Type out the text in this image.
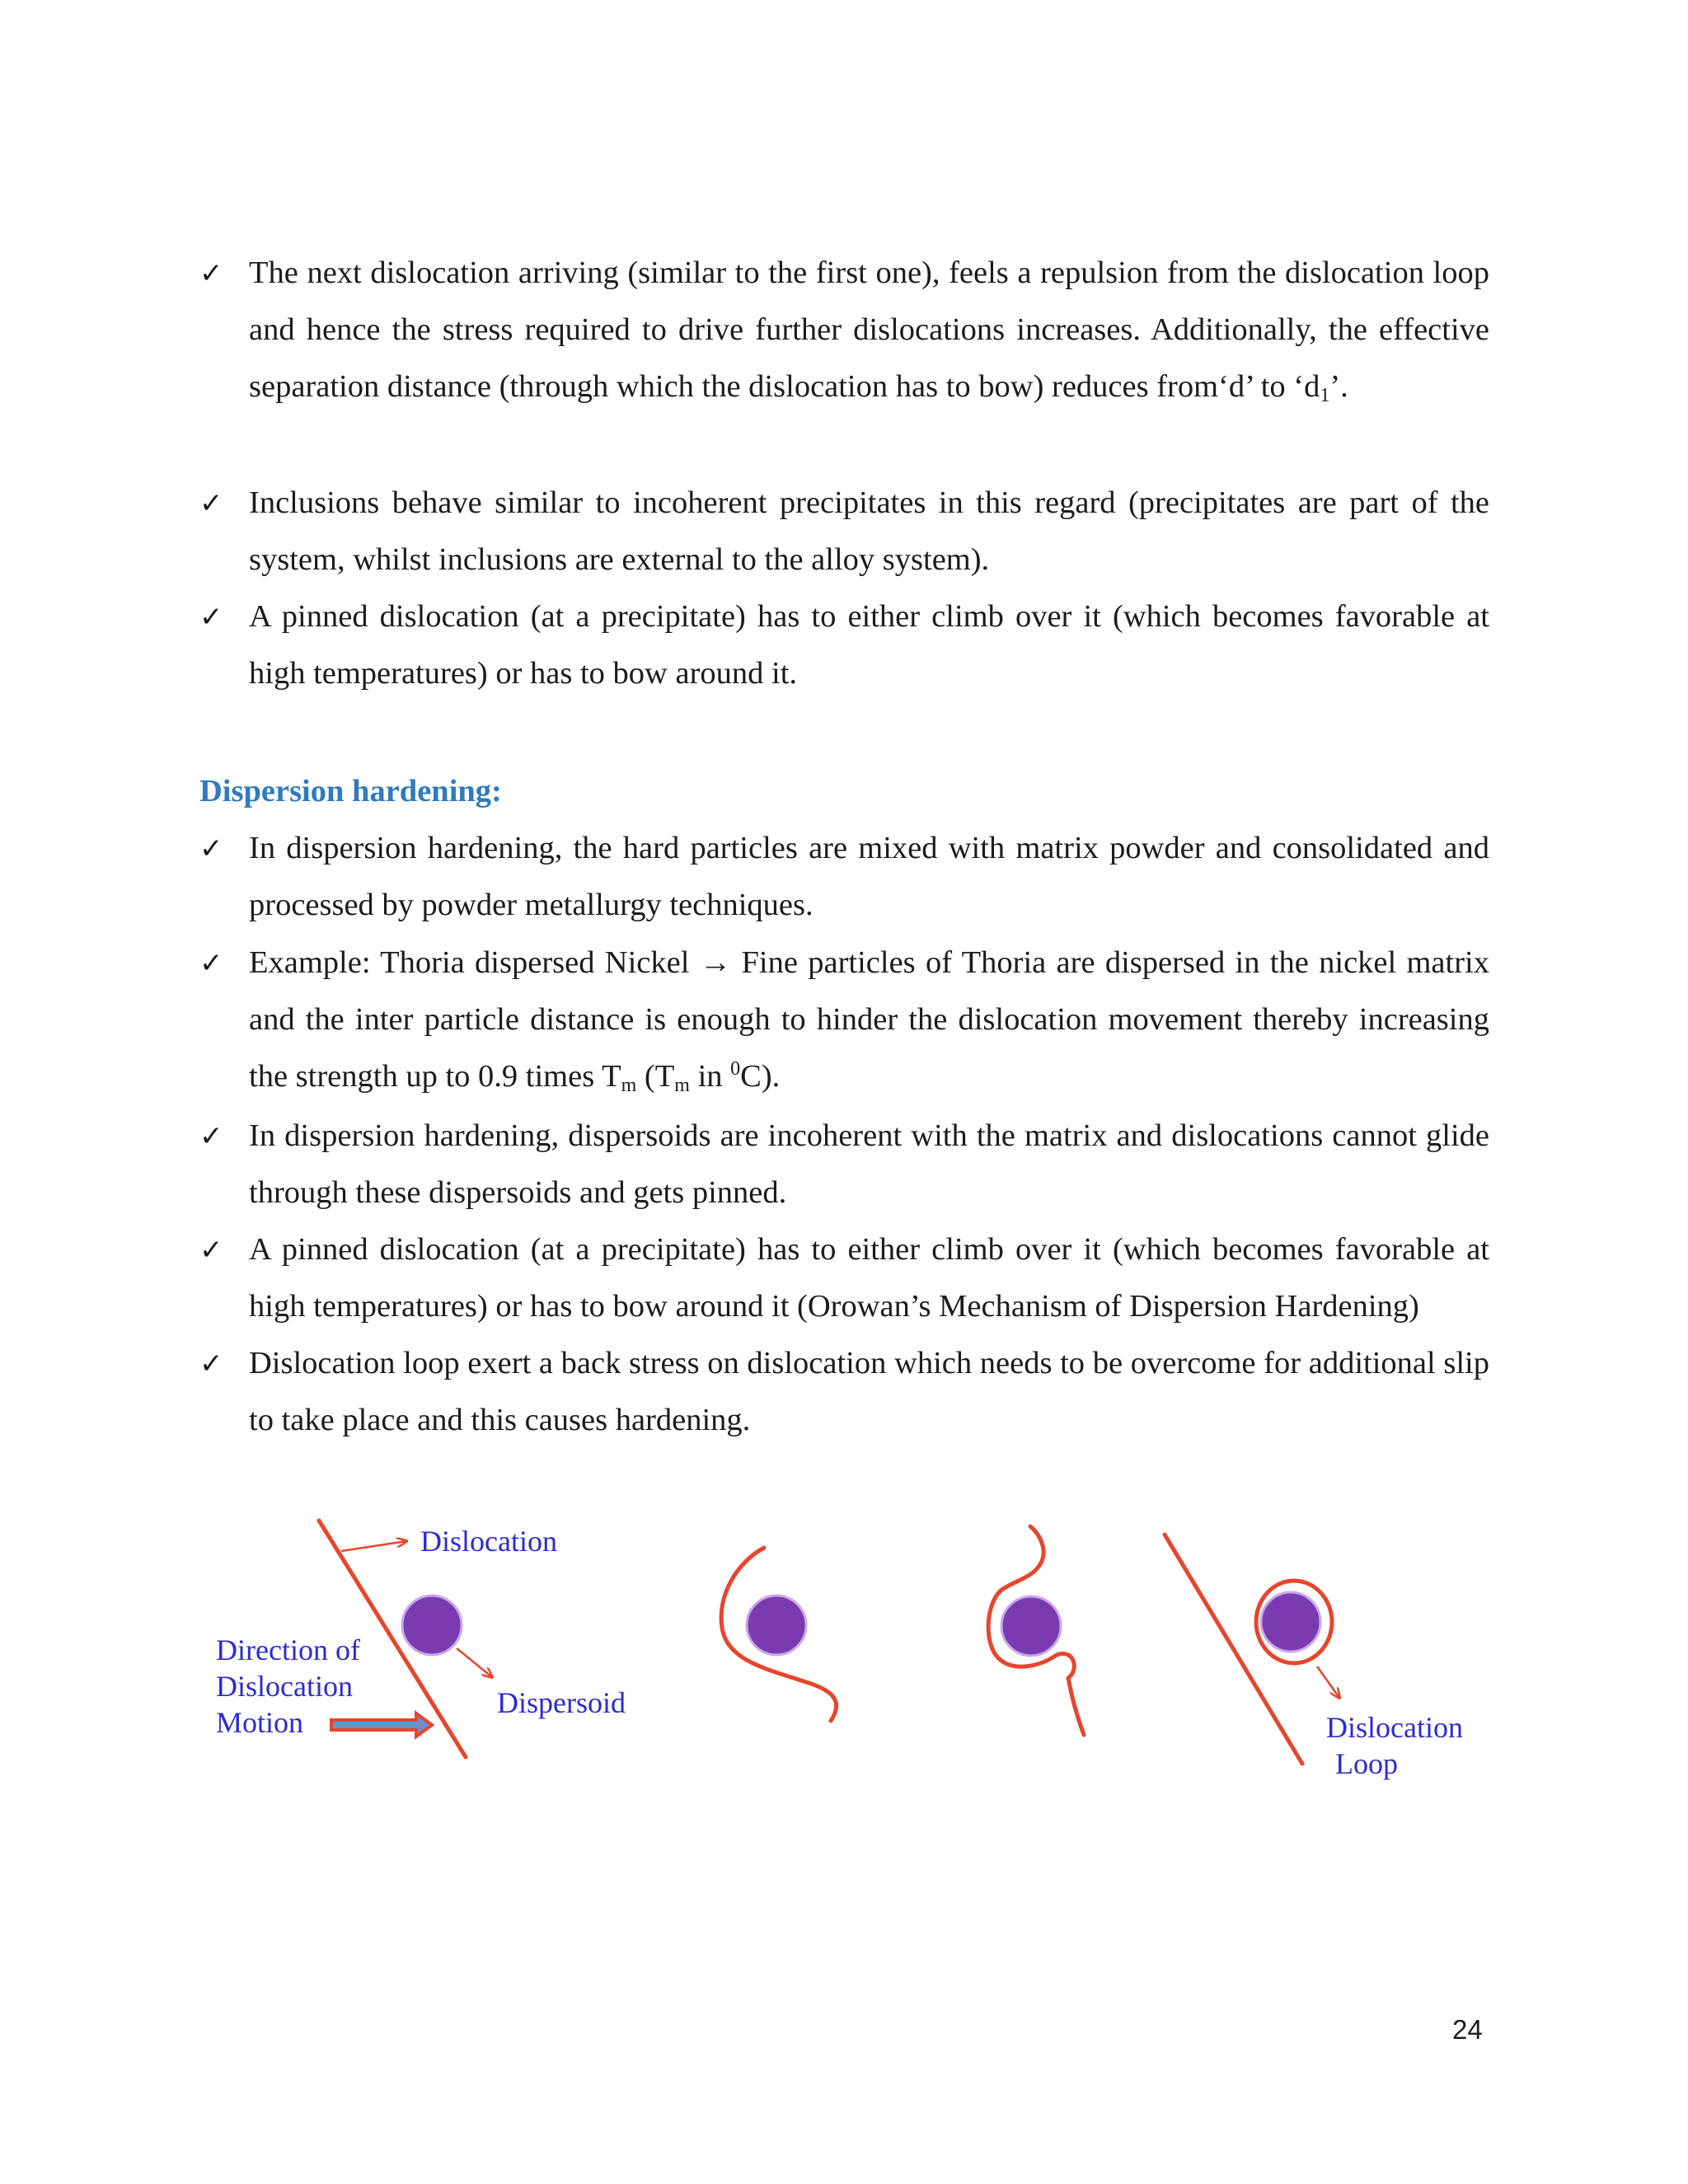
✓ The next dislocation arriving (similar to the first one), feels a repulsion from the dislocation loop and hence the stress required to drive further dislocations increases. Additionally, the effective separation distance (through which the dislocation has to bow) reduces from‘d’ to ‘$d_1$’.
✓ Inclusions behave similar to incoherent precipitates in this regard (precipitates are part of the system, whilst inclusions are external to the alloy system).
✓ A pinned dislocation (at a precipitate) has to either climb over it (which becomes favorable at high temperatures) or has to bow around it.
Dispersion hardening:
✓ In dispersion hardening, the hard particles are mixed with matrix powder and consolidated and processed by powder metallurgy techniques.
✓ Example: Thoria dispersed Nickel → Fine particles of Thoria are dispersed in the nickel matrix and the inter particle distance is enough to hinder the dislocation movement thereby increasing the strength up to 0.9 times $T_m$ ($T_m$ in $^0$C).
✓ In dispersion hardening, dispersoids are incoherent with the matrix and dislocations cannot glide through these dispersoids and gets pinned.
✓ A pinned dislocation (at a precipitate) has to either climb over it (which becomes favorable at high temperatures) or has to bow around it (Orowan’s Mechanism of Dispersion Hardening)
✓ Dislocation loop exert a back stress on dislocation which needs to be overcome for additional slip to take place and this causes hardening.
Dislocation
Dispersoid
Direction of
Dislocation
Motion	Dislocation
Loop
24
